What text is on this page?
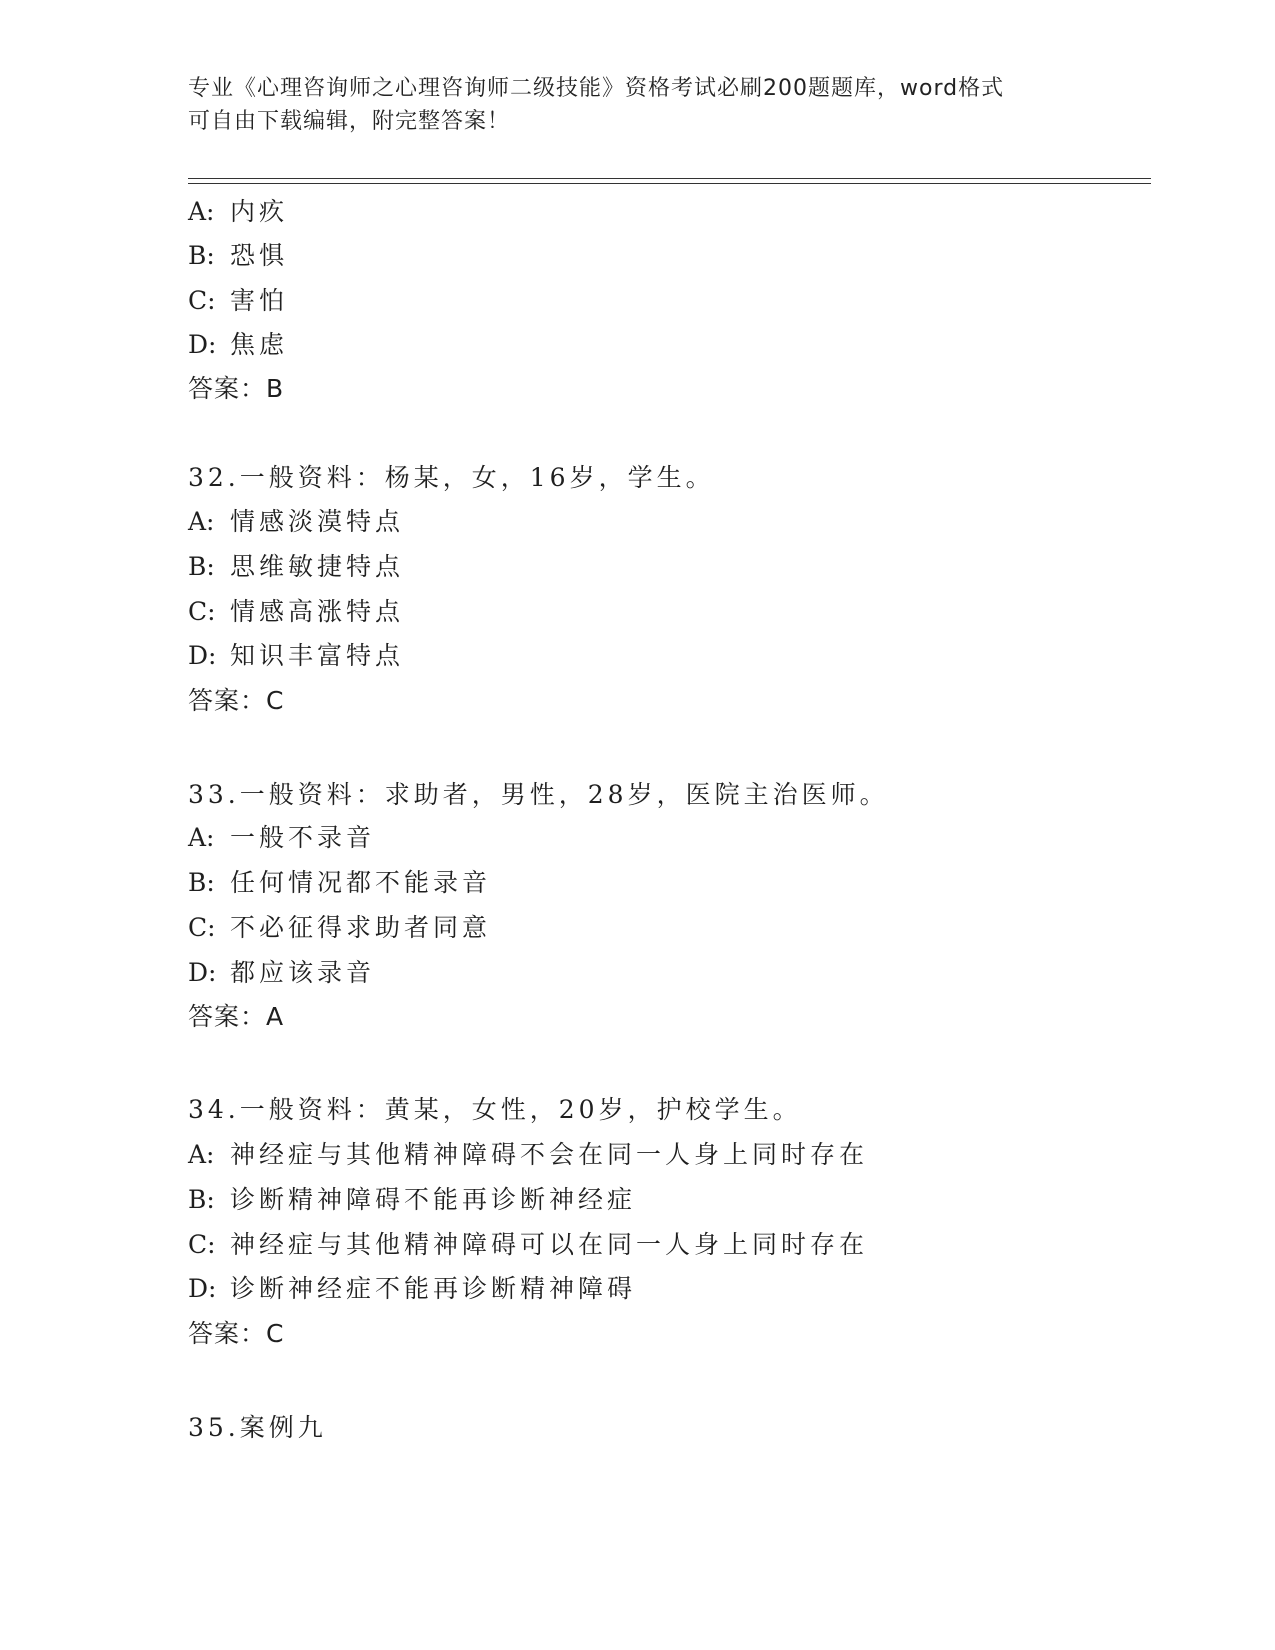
专业《心理咨询师之心理咨询师二级技能》资格考试必刷200题题库，word格式
可自由下载编辑，附完整答案！
A: 内疚
B: 恐惧
C: 害怕
D: 焦虑
答案：B
32.一般资料：杨某，女，16岁，学生。
A: 情感淡漠特点
B: 思维敏捷特点
C: 情感高涨特点
D: 知识丰富特点
答案：C
33.一般资料：求助者，男性，28岁，医院主治医师。
A: 一般不录音
B: 任何情况都不能录音
C: 不必征得求助者同意
D: 都应该录音
答案：A
34.一般资料：黄某，女性，20岁，护校学生。
A: 神经症与其他精神障碍不会在同一人身上同时存在
B: 诊断精神障碍不能再诊断神经症
C: 神经症与其他精神障碍可以在同一人身上同时存在
D: 诊断神经症不能再诊断精神障碍
答案：C
35.案例九
